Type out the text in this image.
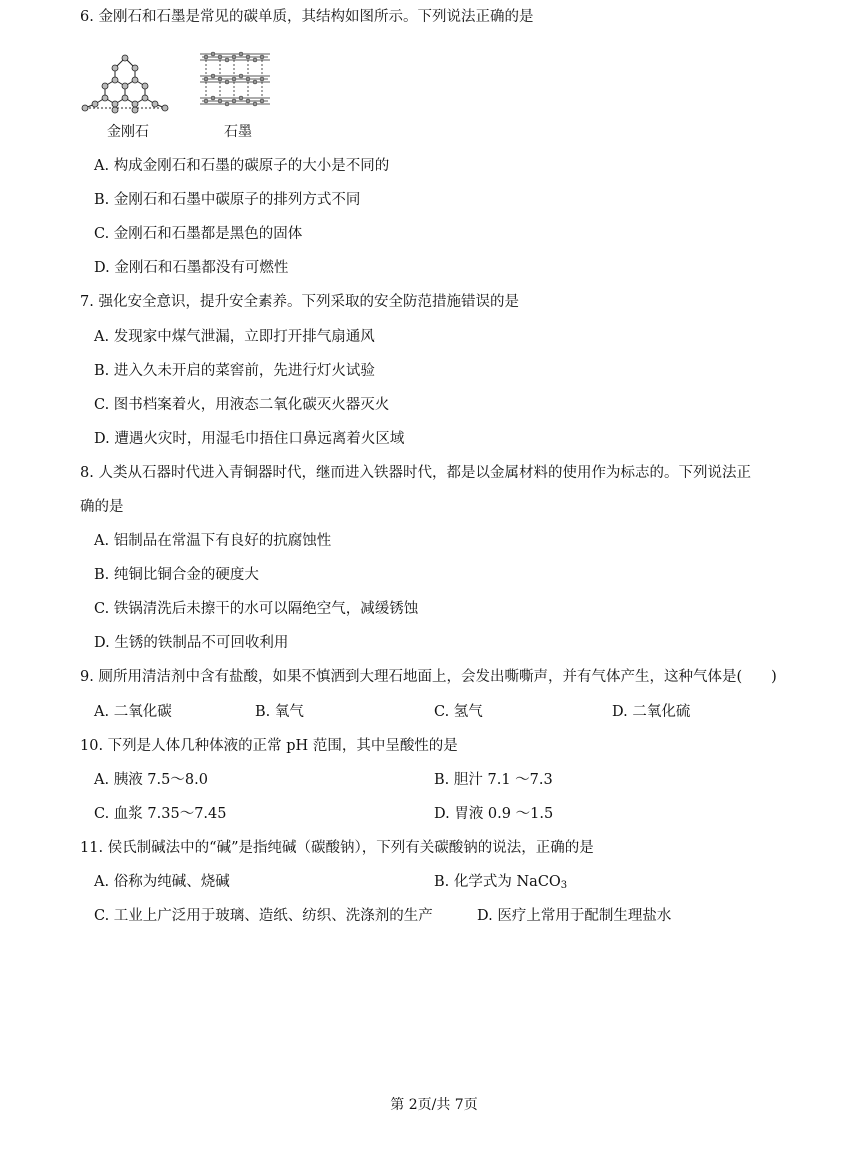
6. 金刚石和石墨是常见的碳单质，其结构如图所示。下列说法正确的是
金刚石	石墨
A. 构成金刚石和石墨的碳原子的大小是不同的
B. 金刚石和石墨中碳原子的排列方式不同
C. 金刚石和石墨都是黑色的固体
D. 金刚石和石墨都没有可燃性
7. 强化安全意识，提升安全素养。下列采取的安全防范措施错误的是
A. 发现家中煤气泄漏，立即打开排气扇通风
B. 进入久未开启的菜窖前，先进行灯火试验
C. 图书档案着火，用液态二氧化碳灭火器灭火
D. 遭遇火灾时，用湿毛巾捂住口鼻远离着火区域
8. 人类从石器时代进入青铜器时代，继而进入铁器时代，都是以金属材料的使用作为标志的。下列说法正
确的是
A. 铝制品在常温下有良好的抗腐蚀性
B. 纯铜比铜合金的硬度大
C. 铁锅清洗后未擦干的水可以隔绝空气，减缓锈蚀
D. 生锈的铁制品不可回收利用
9. 厕所用清洁剂中含有盐酸，如果不慎洒到大理石地面上，会发出嘶嘶声，并有气体产生，这种气体是(　　)
A. 二氧化碳	B. 氧气	C. 氢气	D. 二氧化硫
10. 下列是人体几种体液的正常 pH 范围，其中呈酸性的是
A. 胰液 7.5～8.0	B. 胆汁 7.1 ～7.3
C. 血浆 7.35～7.45	D. 胃液 0.9 ～1.5
11. 侯氏制碱法中的“碱”是指纯碱（碳酸钠），下列有关碳酸钠的说法，正确的是
A. 俗称为纯碱、烧碱	B. 化学式为 NaCO$_3$
C. 工业上广泛用于玻璃、造纸、纺织、洗涤剂的生产	D. 医疗上常用于配制生理盐水
第 2页/共 7页
